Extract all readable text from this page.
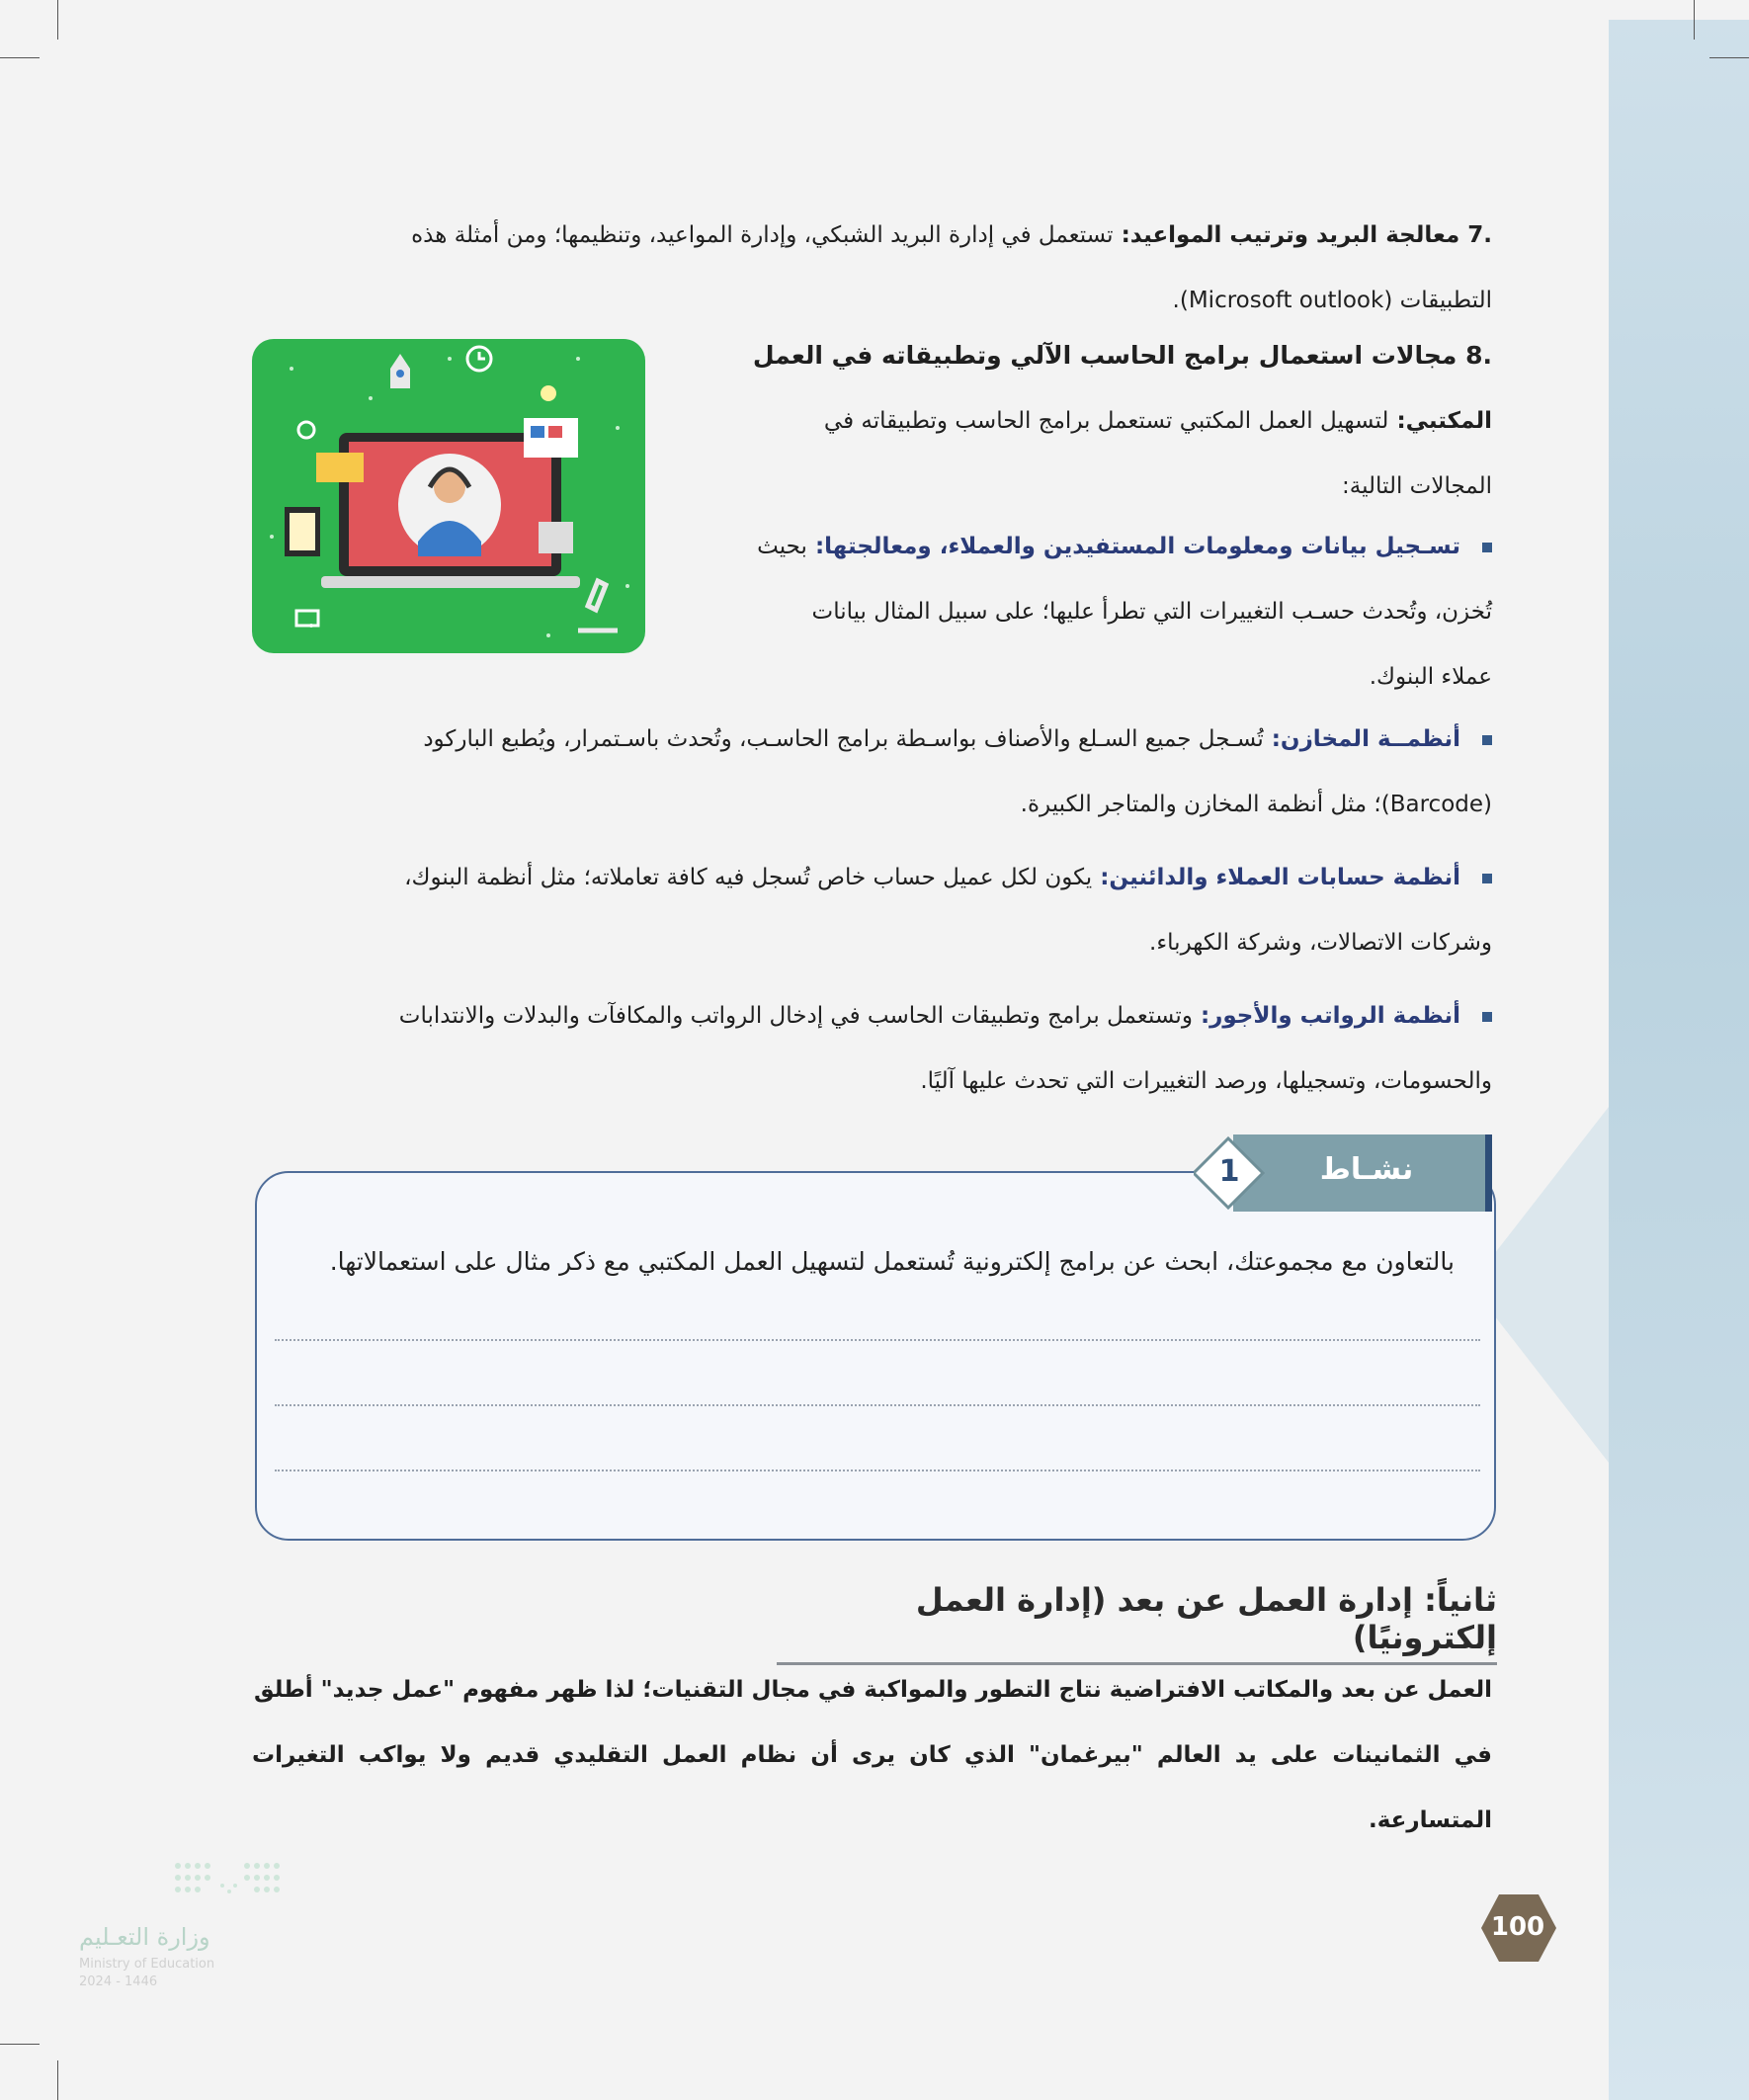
.7 معالجة البريد وترتيب المواعيد: تستعمل في إدارة البريد الشبكي، وإدارة المواعيد، وتنظيمها؛ ومن أمثلة هذه
التطبيقات (Microsoft outlook).
.8 مجالات استعمال برامج الحاسب الآلي وتطبيقاته في العمل
المكتبي: لتسهيل العمل المكتبي تستعمل برامج الحاسب وتطبيقاته في
المجالات التالية:
تسـجيل بيانات ومعلومات المستفيدين والعملاء، ومعالجتها: بحيث
تُخزن، وتُحدث حسـب التغييرات التي تطرأ عليها؛ على سبيل المثال بيانات
عملاء البنوك.
أنظمــة المخازن: تُسـجل جميع السـلع والأصناف بواسـطة برامج الحاسـب، وتُحدث باسـتمرار، ويُطبع الباركود
(Barcode)؛ مثل أنظمة المخازن والمتاجر الكبيرة.
أنظمة حسابات العملاء والدائنين: يكون لكل عميل حساب خاص تُسجل فيه كافة تعاملاته؛ مثل أنظمة البنوك،
وشركات الاتصالات، وشركة الكهرباء.
أنظمة الرواتب والأجور: وتستعمل برامج وتطبيقات الحاسب في إدخال الرواتب والمكافآت والبدلات والانتدابات
والحسومات، وتسجيلها، ورصد التغييرات التي تحدث عليها آليًا.
بالتعاون مع مجموعتك، ابحث عن برامج إلكترونية تُستعمل لتسهيل العمل المكتبي مع ذكر مثال على استعمالاتها.
1	نشـاط
ثانياً: إدارة العمل عن بعد (إدارة العمل إلكترونيًا)
العمل عن بعد والمكاتب الافتراضية نتاج التطور والمواكبة في مجال التقنيات؛ لذا ظهر مفهوم "عمل جديد" أطلق
في الثمانينات على يد العالم "بيرغمان" الذي كان يرى أن نظام العمل التقليدي قديم ولا يواكب التغيرات المتسارعة.
100
وزارة التعـليم
Ministry of Education
2024 - 1446
